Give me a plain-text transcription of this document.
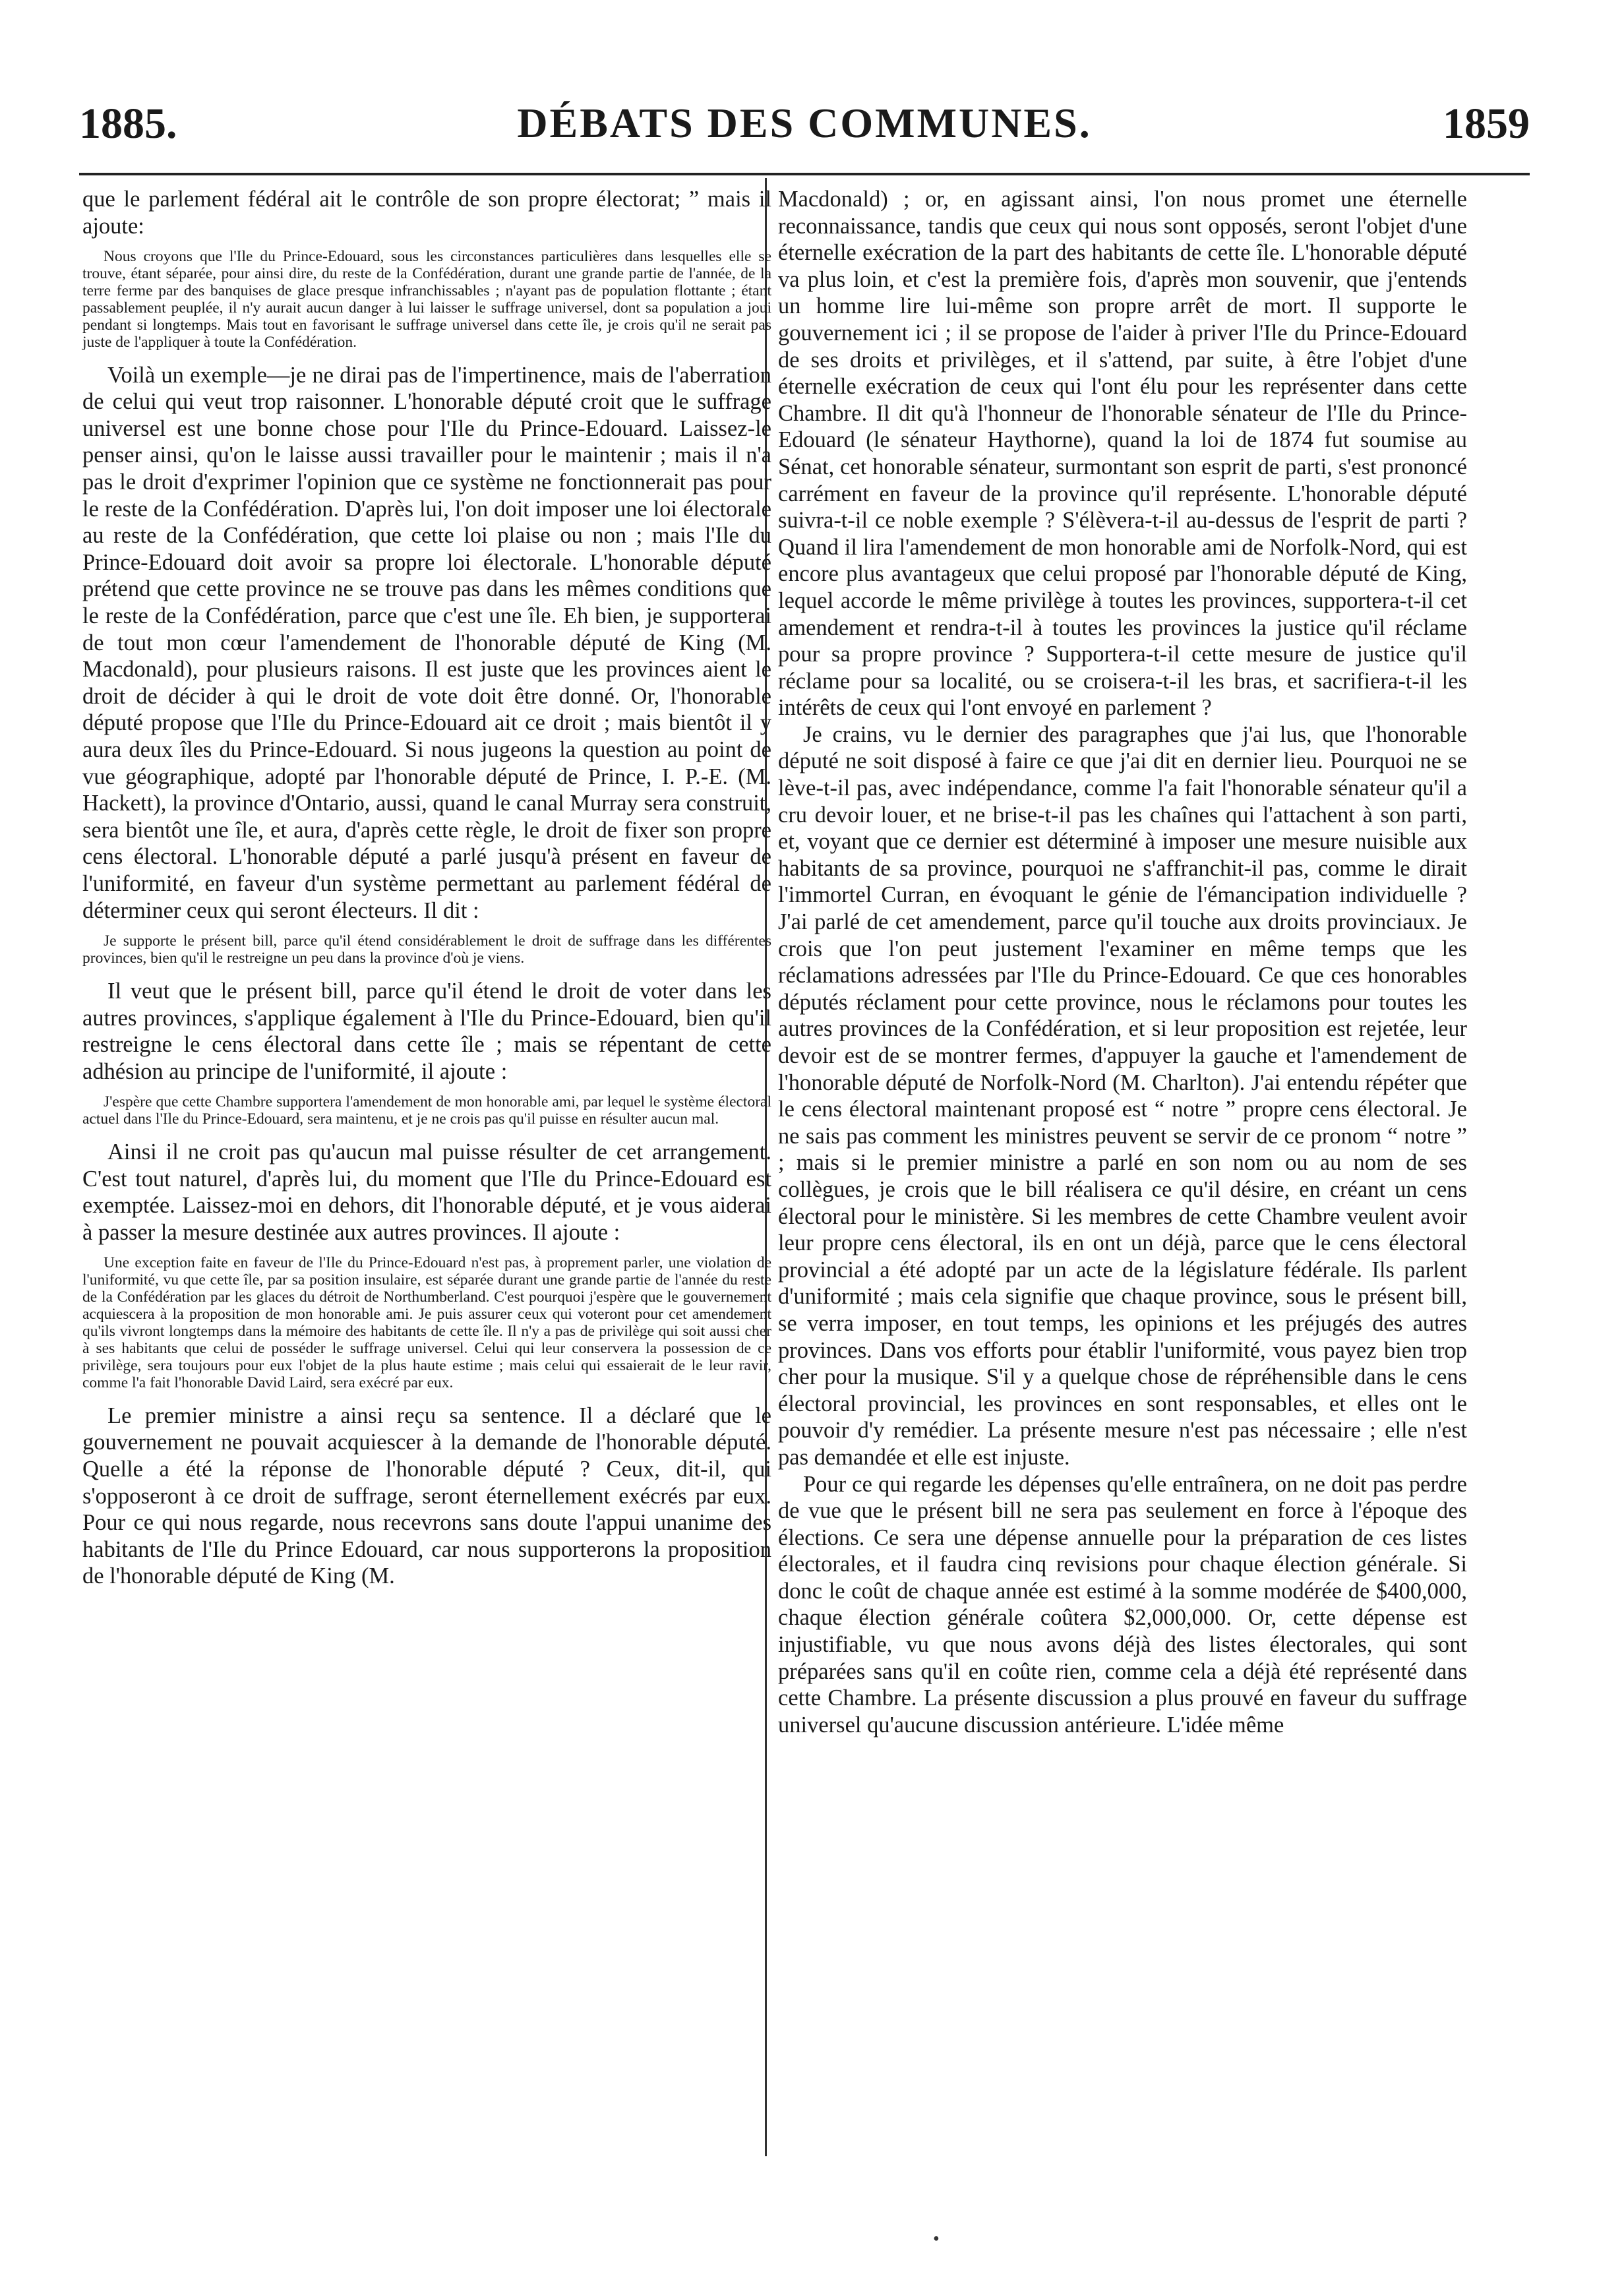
1885.	DÉBATS DES COMMUNES.	1859

que le parlement fédéral ait le contrôle de son propre électorat; ” mais il ajoute:

Nous croyons que l'Ile du Prince-Edouard, sous les circonstances particulières dans lesquelles elle se trouve, étant séparée, pour ainsi dire, du reste de la Confédération, durant une grande partie de l'année, de la terre ferme par des banquises de glace presque infranchissables ; n'ayant pas de population flottante ; étant passablement peuplée, il n'y aurait aucun danger à lui laisser le suffrage universel, dont sa population a joui pendant si longtemps. Mais tout en favorisant le suffrage universel dans cette île, je crois qu'il ne serait pas juste de l'appliquer à toute la Confédération.

Voilà un exemple—je ne dirai pas de l'impertinence, mais de l'aberration de celui qui veut trop raisonner. L'honorable député croit que le suffrage universel est une bonne chose pour l'Ile du Prince-Edouard. Laissez-le penser ainsi, qu'on le laisse aussi travailler pour le maintenir ; mais il n'a pas le droit d'exprimer l'opinion que ce système ne fonctionnerait pas pour le reste de la Confédération. D'après lui, l'on doit imposer une loi électorale au reste de la Confédération, que cette loi plaise ou non ; mais l'Ile du Prince-Edouard doit avoir sa propre loi électorale. L'honorable député prétend que cette province ne se trouve pas dans les mêmes conditions que le reste de la Confédération, parce que c'est une île. Eh bien, je supporterai de tout mon cœur l'amendement de l'honorable député de King (M. Macdonald), pour plusieurs raisons. Il est juste que les provinces aient le droit de décider à qui le droit de vote doit être donné. Or, l'honorable député propose que l'Ile du Prince-Edouard ait ce droit ; mais bientôt il y aura deux îles du Prince-Edouard. Si nous jugeons la question au point de vue géographique, adopté par l'honorable député de Prince, I. P.-E. (M. Hackett), la province d'Ontario, aussi, quand le canal Murray sera construit, sera bientôt une île, et aura, d'après cette règle, le droit de fixer son propre cens électoral. L'honorable député a parlé jusqu'à présent en faveur de l'uniformité, en faveur d'un système permettant au parlement fédéral de déterminer ceux qui seront électeurs. Il dit :

Je supporte le présent bill, parce qu'il étend considérablement le droit de suffrage dans les différentes provinces, bien qu'il le restreigne un peu dans la province d'où je viens.

Il veut que le présent bill, parce qu'il étend le droit de voter dans les autres provinces, s'applique également à l'Ile du Prince-Edouard, bien qu'il restreigne le cens électoral dans cette île ; mais se répentant de cette adhésion au principe de l'uniformité, il ajoute :

J'espère que cette Chambre supportera l'amendement de mon honorable ami, par lequel le système électoral actuel dans l'Ile du Prince-Edouard, sera maintenu, et je ne crois pas qu'il puisse en résulter aucun mal.

Ainsi il ne croit pas qu'aucun mal puisse résulter de cet arrangement. C'est tout naturel, d'après lui, du moment que l'Ile du Prince-Edouard est exemptée. Laissez-moi en dehors, dit l'honorable député, et je vous aiderai à passer la mesure destinée aux autres provinces. Il ajoute :

Une exception faite en faveur de l'Ile du Prince-Edouard n'est pas, à proprement parler, une violation de l'uniformité, vu que cette île, par sa position insulaire, est séparée durant une grande partie de l'année du reste de la Confédération par les glaces du détroit de Northumberland. C'est pourquoi j'espère que le gouvernement acquiescera à la proposition de mon honorable ami. Je puis assurer ceux qui voteront pour cet amendement qu'ils vivront longtemps dans la mémoire des habitants de cette île. Il n'y a pas de privilège qui soit aussi cher à ses habitants que celui de posséder le suffrage universel. Celui qui leur conservera la possession de ce privilège, sera toujours pour eux l'objet de la plus haute estime ; mais celui qui essaierait de le leur ravir, comme l'a fait l'honorable David Laird, sera exécré par eux.

Le premier ministre a ainsi reçu sa sentence. Il a déclaré que le gouvernement ne pouvait acquiescer à la demande de l'honorable député. Quelle a été la réponse de l'honorable député ? Ceux, dit-il, qui s'opposeront à ce droit de suffrage, seront éternellement exécrés par eux. Pour ce qui nous regarde, nous recevrons sans doute l'appui unanime des habitants de l'Ile du Prince Edouard, car nous supporterons la proposition de l'honorable député de King (M.

Macdonald) ; or, en agissant ainsi, l'on nous promet une éternelle reconnaissance, tandis que ceux qui nous sont opposés, seront l'objet d'une éternelle exécration de la part des habitants de cette île. L'honorable député va plus loin, et c'est la première fois, d'après mon souvenir, que j'entends un homme lire lui-même son propre arrêt de mort. Il supporte le gouvernement ici ; il se propose de l'aider à priver l'Ile du Prince-Edouard de ses droits et privilèges, et il s'attend, par suite, à être l'objet d'une éternelle exécration de ceux qui l'ont élu pour les représenter dans cette Chambre. Il dit qu'à l'honneur de l'honorable sénateur de l'Ile du Prince-Edouard (le sénateur Haythorne), quand la loi de 1874 fut soumise au Sénat, cet honorable sénateur, surmontant son esprit de parti, s'est prononcé carrément en faveur de la province qu'il représente. L'honorable député suivra-t-il ce noble exemple ? S'élèvera-t-il au-dessus de l'esprit de parti ? Quand il lira l'amendement de mon honorable ami de Norfolk-Nord, qui est encore plus avantageux que celui proposé par l'honorable député de King, lequel accorde le même privilège à toutes les provinces, supportera-t-il cet amendement et rendra-t-il à toutes les provinces la justice qu'il réclame pour sa propre province ? Supportera-t-il cette mesure de justice qu'il réclame pour sa localité, ou se croisera-t-il les bras, et sacrifiera-t-il les intérêts de ceux qui l'ont envoyé en parlement ?

Je crains, vu le dernier des paragraphes que j'ai lus, que l'honorable député ne soit disposé à faire ce que j'ai dit en dernier lieu. Pourquoi ne se lève-t-il pas, avec indépendance, comme l'a fait l'honorable sénateur qu'il a cru devoir louer, et ne brise-t-il pas les chaînes qui l'attachent à son parti, et, voyant que ce dernier est déterminé à imposer une mesure nuisible aux habitants de sa province, pourquoi ne s'affranchit-il pas, comme le dirait l'immortel Curran, en évoquant le génie de l'émancipation individuelle ? J'ai parlé de cet amendement, parce qu'il touche aux droits provinciaux. Je crois que l'on peut justement l'examiner en même temps que les réclamations adressées par l'Ile du Prince-Edouard. Ce que ces honorables députés réclament pour cette province, nous le réclamons pour toutes les autres provinces de la Confédération, et si leur proposition est rejetée, leur devoir est de se montrer fermes, d'appuyer la gauche et l'amendement de l'honorable député de Norfolk-Nord (M. Charlton). J'ai entendu répéter que le cens électoral maintenant proposé est “ notre ” propre cens électoral. Je ne sais pas comment les ministres peuvent se servir de ce pronom “ notre ” ; mais si le premier ministre a parlé en son nom ou au nom de ses collègues, je crois que le bill réalisera ce qu'il désire, en créant un cens électoral pour le ministère. Si les membres de cette Chambre veulent avoir leur propre cens électoral, ils en ont un déjà, parce que le cens électoral provincial a été adopté par un acte de la législature fédérale. Ils parlent d'uniformité ; mais cela signifie que chaque province, sous le présent bill, se verra imposer, en tout temps, les opinions et les préjugés des autres provinces. Dans vos efforts pour établir l'uniformité, vous payez bien trop cher pour la musique. S'il y a quelque chose de répréhensible dans le cens électoral provincial, les provinces en sont responsables, et elles ont le pouvoir d'y remédier. La présente mesure n'est pas nécessaire ; elle n'est pas demandée et elle est injuste.

Pour ce qui regarde les dépenses qu'elle entraînera, on ne doit pas perdre de vue que le présent bill ne sera pas seulement en force à l'époque des élections. Ce sera une dépense annuelle pour la préparation de ces listes électorales, et il faudra cinq revisions pour chaque élection générale. Si donc le coût de chaque année est estimé à la somme modérée de $400,000, chaque élection générale coûtera $2,000,000. Or, cette dépense est injustifiable, vu que nous avons déjà des listes électorales, qui sont préparées sans qu'il en coûte rien, comme cela a déjà été représenté dans cette Chambre. La présente discussion a plus prouvé en faveur du suffrage universel qu'aucune discussion antérieure. L'idée même

•
